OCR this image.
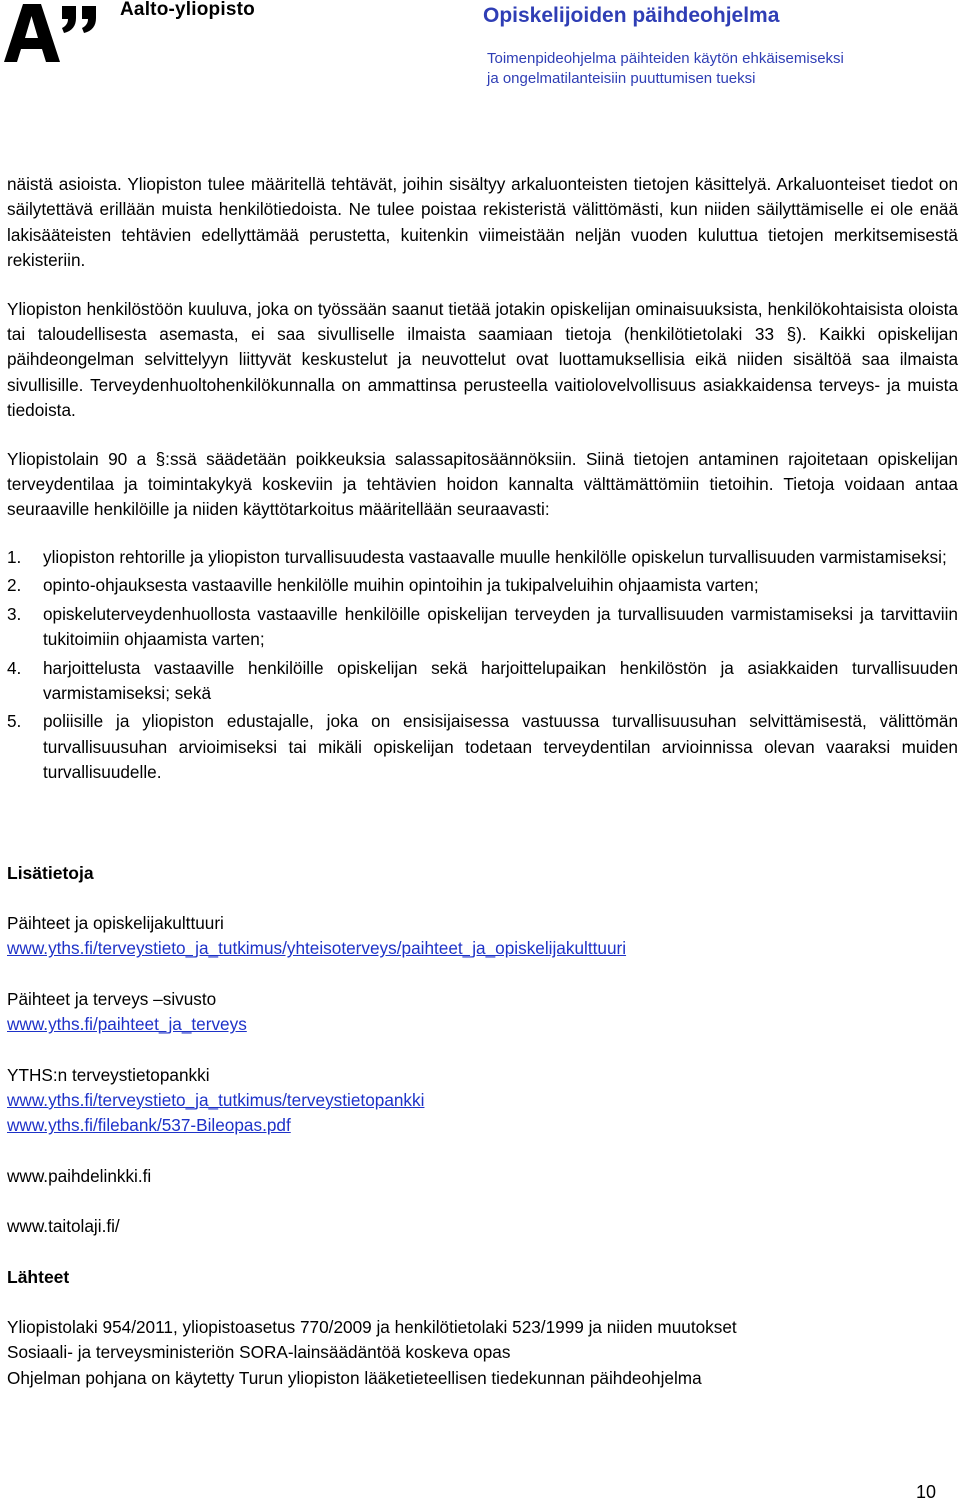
Aalto-yliopisto	Opiskelijoiden päihdeohjelma
Toimenpideohjelma päihteiden käytön ehkäisemiseksi
ja ongelmatilanteisiin puuttumisen tueksi

näistä asioista. Yliopiston tulee määritellä tehtävät, joihin sisältyy arkaluonteisten tietojen käsittelyä. Arkaluonteiset tiedot on säilytettävä erillään muista henkilötiedoista. Ne tulee poistaa rekisteristä välittömästi, kun niiden säilyttämiselle ei ole enää lakisääteisten tehtävien edellyttämää perustetta, kuitenkin viimeistään neljän vuoden kuluttua tietojen merkitsemisestä rekisteriin.

Yliopiston henkilöstöön kuuluva, joka on työssään saanut tietää jotakin opiskelijan ominaisuuksista, henkilökohtaisista oloista tai taloudellisesta asemasta, ei saa sivulliselle ilmaista saamiaan tietoja (henkilötietolaki 33 §). Kaikki opiskelijan päihdeongelman selvittelyyn liittyvät keskustelut ja neuvottelut ovat luottamuksellisia eikä niiden sisältöä saa ilmaista sivullisille. Terveydenhuoltohenkilökunnalla on ammattinsa perusteella vaitiolovelvollisuus asiakkaidensa terveys- ja muista tiedoista.

Yliopistolain 90 a §:ssä säädetään poikkeuksia salassapitosäännöksiin. Siinä tietojen antaminen rajoitetaan opiskelijan terveydentilaa ja toimintakykyä koskeviin ja tehtävien hoidon kannalta välttämättömiin tietoihin. Tietoja voidaan antaa seuraaville henkilöille ja niiden käyttötarkoitus määritellään seuraavasti:

1. yliopiston rehtorille ja yliopiston turvallisuudesta vastaavalle muulle henkilölle opiskelun turvallisuuden varmistamiseksi;
2. opinto-ohjauksesta vastaaville henkilölle muihin opintoihin ja tukipalveluihin ohjaamista varten;
3. opiskeluterveydenhuollosta vastaaville henkilöille opiskelijan terveyden ja turvallisuuden varmistamiseksi ja tarvittaviin tukitoimiin ohjaamista varten;
4. harjoittelusta vastaaville henkilöille opiskelijan sekä harjoittelupaikan henkilöstön ja asiakkaiden turvallisuuden varmistamiseksi; sekä
5. poliisille ja yliopiston edustajalle, joka on ensisijaisessa vastuussa turvallisuusuhan selvittämisestä, välittömän turvallisuusuhan arvioimiseksi tai mikäli opiskelijan todetaan terveydentilan arvioinnissa olevan vaaraksi muiden turvallisuudelle.

Lisätietoja

Päihteet ja opiskelijakulttuuri

www.yths.fi/terveystieto_ja_tutkimus/yhteisoterveys/paihteet_ja_opiskelijakulttuuri

Päihteet ja terveys –sivusto

www.yths.fi/paihteet_ja_terveys

YTHS:n terveystietopankki

www.yths.fi/terveystieto_ja_tutkimus/terveystietopankki
www.yths.fi/filebank/537-Bileopas.pdf

www.paihdelinkki.fi

www.taitolaji.fi/

Lähteet

Yliopistolaki 954/2011, yliopistoasetus 770/2009 ja henkilötietolaki 523/1999 ja niiden muutokset

Sosiaali- ja terveysministeriön SORA-lainsäädäntöä koskeva opas

Ohjelman pohjana on käytetty Turun yliopiston lääketieteellisen tiedekunnan päihdeohjelma

10
